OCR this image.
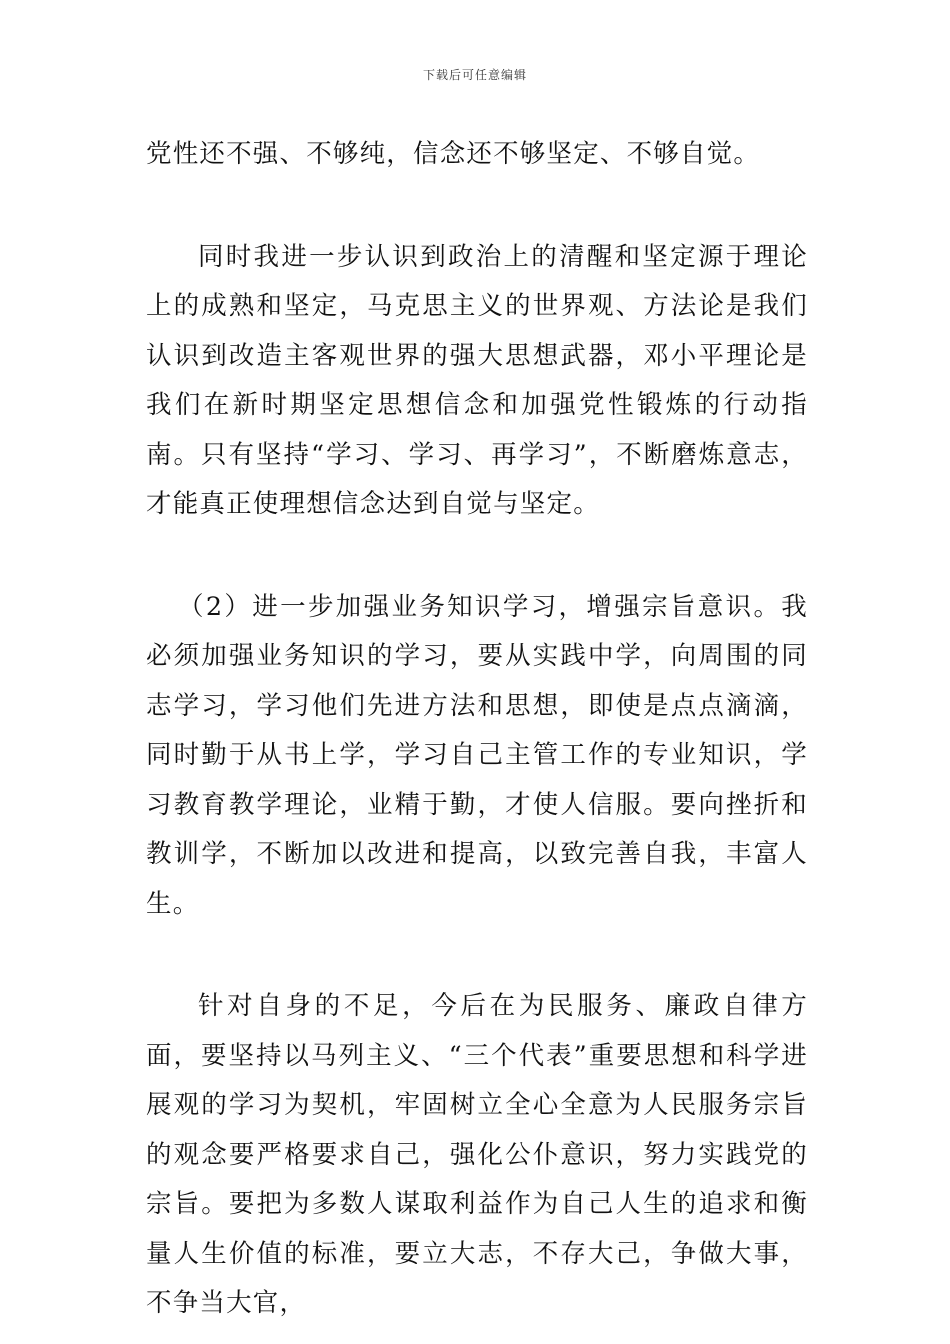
下载后可任意编辑

党性还不强、不够纯，信念还不够坚定、不够自觉。

同时我进一步认识到政治上的清醒和坚定源于理论上的成熟和坚定，马克思主义的世界观、方法论是我们认识到改造主客观世界的强大思想武器，邓小平理论是我们在新时期坚定思想信念和加强党性锻炼的行动指南。只有坚持“学习、学习、再学习”，不断磨炼意志，才能真正使理想信念达到自觉与坚定。

（2）进一步加强业务知识学习，增强宗旨意识。我必须加强业务知识的学习，要从实践中学，向周围的同志学习，学习他们先进方法和思想，即使是点点滴滴，同时勤于从书上学，学习自己主管工作的专业知识，学习教育教学理论，业精于勤，才使人信服。要向挫折和教训学，不断加以改进和提高，以致完善自我，丰富人生。

针对自身的不足，今后在为民服务、廉政自律方面，要坚持以马列主义、“三个代表”重要思想和科学进展观的学习为契机，牢固树立全心全意为人民服务宗旨的观念要严格要求自己，强化公仆意识，努力实践党的宗旨。要把为多数人谋取利益作为自己人生的追求和衡量人生价值的标准，要立大志，不存大己，争做大事，不争当大官，
